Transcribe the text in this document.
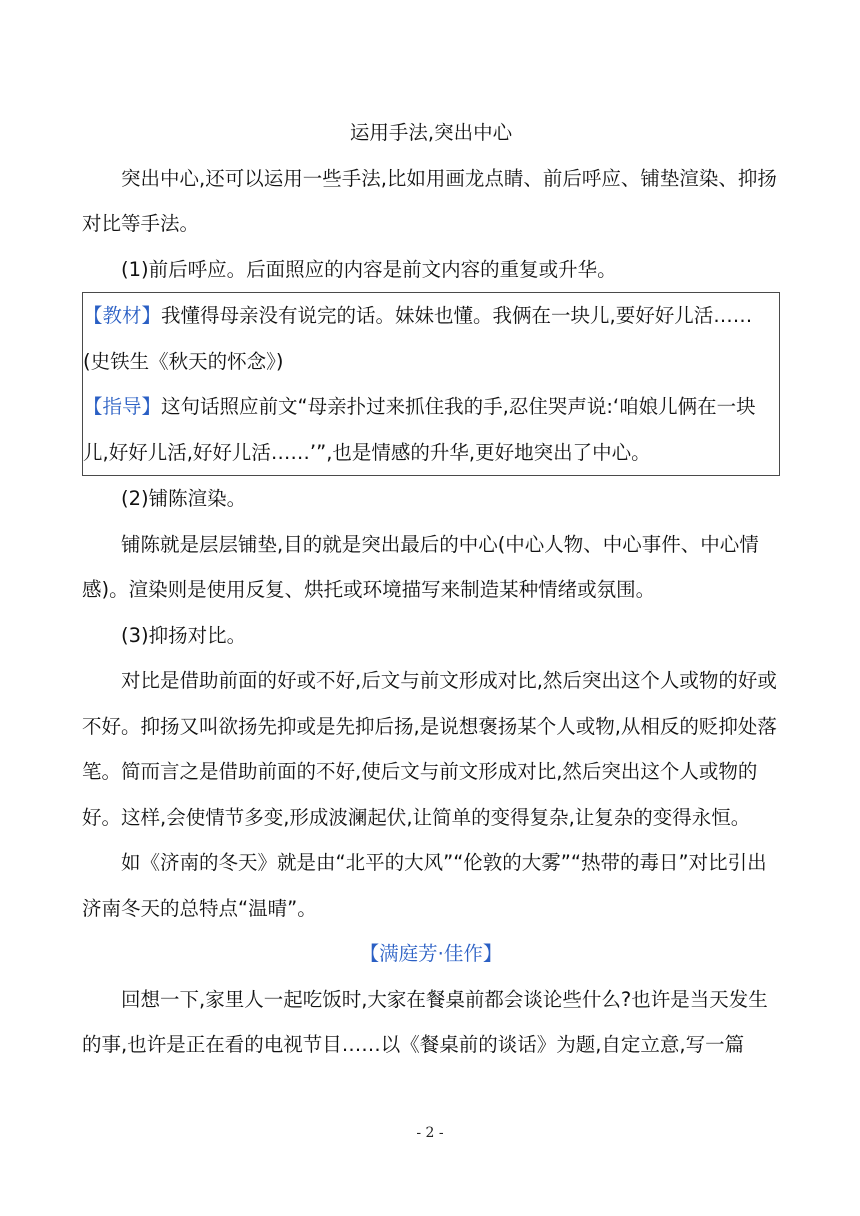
运用手法,突出中心

突出中心,还可以运用一些手法,比如用画龙点睛、前后呼应、铺垫渲染、抑扬对比等手法。

(1)前后呼应。后面照应的内容是前文内容的重复或升华。

【教材】我懂得母亲没有说完的话。妹妹也懂。我俩在一块儿,要好好儿活……(史铁生《秋天的怀念》)

【指导】这句话照应前文“母亲扑过来抓住我的手,忍住哭声说:‘咱娘儿俩在一块儿,好好儿活,好好儿活……’”,也是情感的升华,更好地突出了中心。

(2)铺陈渲染。

铺陈就是层层铺垫,目的就是突出最后的中心(中心人物、中心事件、中心情感)。渲染则是使用反复、烘托或环境描写来制造某种情绪或氛围。

(3)抑扬对比。

对比是借助前面的好或不好,后文与前文形成对比,然后突出这个人或物的好或不好。抑扬又叫欲扬先抑或是先抑后扬,是说想褒扬某个人或物,从相反的贬抑处落笔。简而言之是借助前面的不好,使后文与前文形成对比,然后突出这个人或物的好。这样,会使情节多变,形成波澜起伏,让简单的变得复杂,让复杂的变得永恒。

如《济南的冬天》就是由“北平的大风”“伦敦的大雾”“热带的毒日”对比引出济南冬天的总特点“温晴”。

【满庭芳·佳作】

回想一下,家里人一起吃饭时,大家在餐桌前都会谈论些什么?也许是当天发生的事,也许是正在看的电视节目……以《餐桌前的谈话》为题,自定立意,写一篇

- 2 -
